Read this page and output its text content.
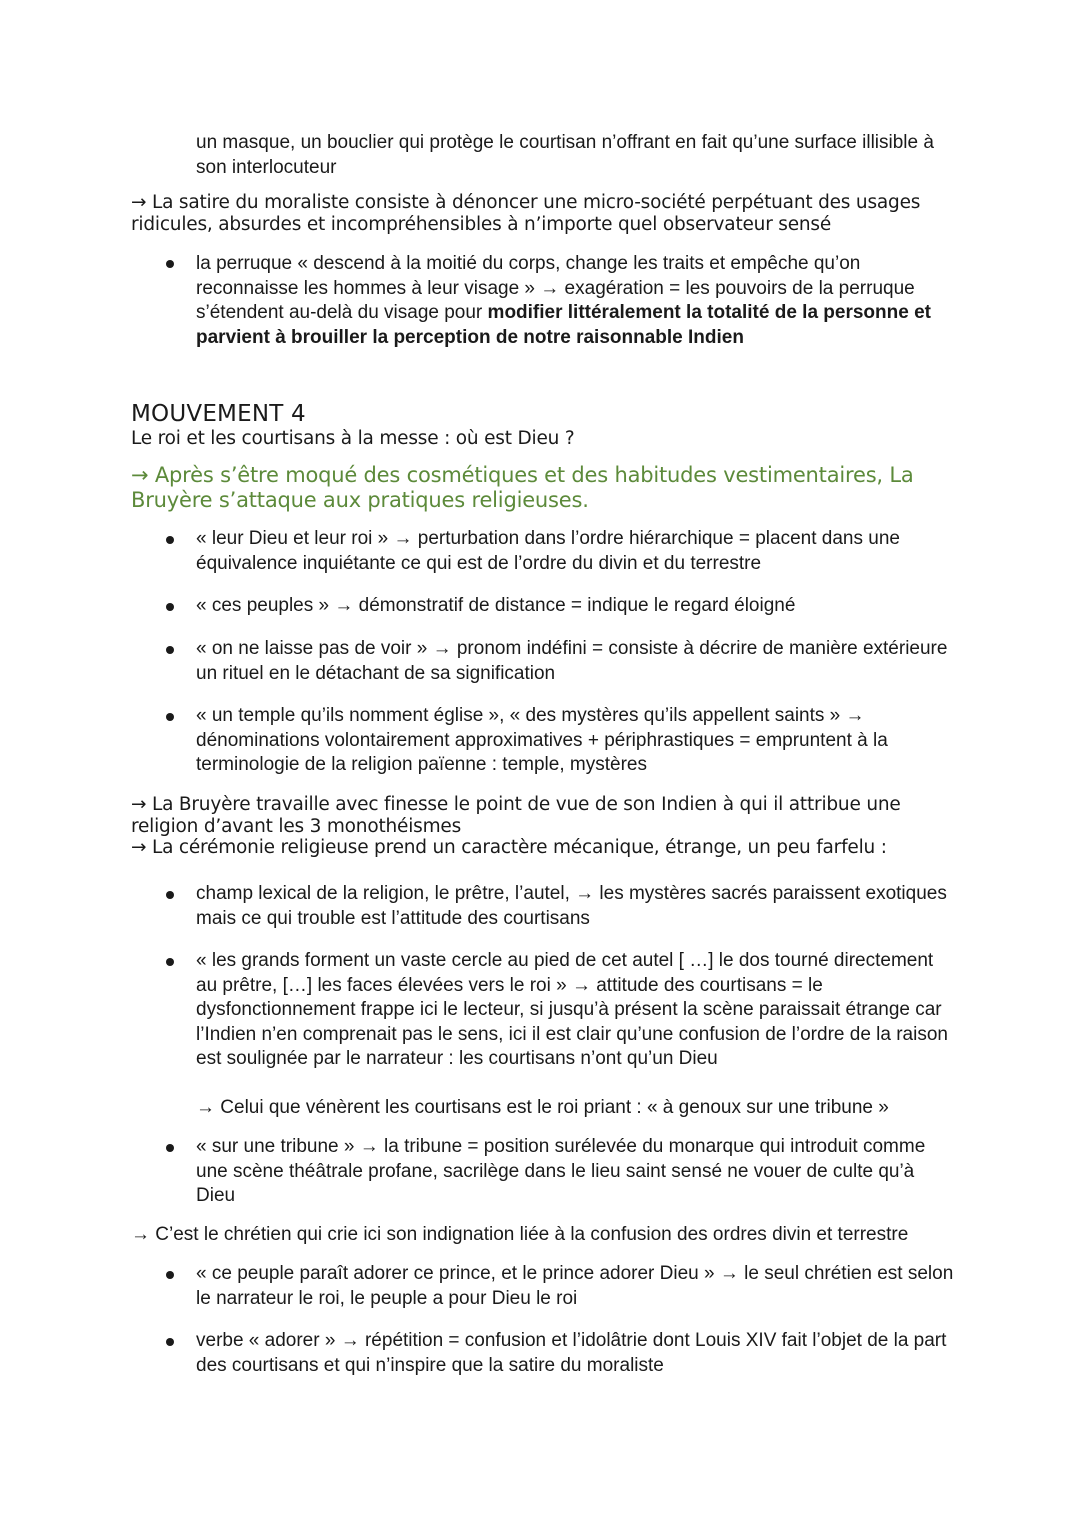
un masque, un bouclier qui protège le courtisan n’offrant en fait qu’une surface illisible à son interlocuteur
→ La satire du moraliste consiste à dénoncer une micro-société perpétuant des usages ridicules, absurdes et incompréhensibles à n’importe quel observateur sensé
la perruque « descend à la moitié du corps, change les traits et empêche qu’on reconnaisse les hommes à leur visage » → exagération = les pouvoirs de la perruque s’étendent au-delà du visage pour modifier littéralement la totalité de la personne et parvient à brouiller la perception de notre raisonnable Indien
MOUVEMENT 4
Le roi et les courtisans à la messe : où est Dieu ?
→ Après s’être moqué des cosmétiques et des habitudes vestimentaires, La Bruyère s’attaque aux pratiques religieuses.
« leur Dieu et leur roi » → perturbation dans l’ordre hiérarchique = placent dans une équivalence inquiétante ce qui est de l’ordre du divin et du terrestre
« ces peuples » → démonstratif de distance = indique le regard éloigné
« on ne laisse pas de voir » → pronom indéfini = consiste à décrire de manière extérieure un rituel en le détachant de sa signification
« un temple qu’ils nomment église », « des mystères qu’ils appellent saints » → dénominations volontairement approximatives + périphrastiques = empruntent à la terminologie de la religion païenne : temple, mystères
→ La Bruyère travaille avec finesse le point de vue de son Indien à qui il attribue une religion d’avant les 3 monothéismes
→ La cérémonie religieuse prend un caractère mécanique, étrange, un peu farfelu :
champ lexical de la religion, le prêtre, l’autel, → les mystères sacrés paraissent exotiques mais ce qui trouble est l’attitude des courtisans
« les grands forment un vaste cercle au pied de cet autel [ …] le dos tourné directement au prêtre, […] les faces élevées vers le roi » → attitude des courtisans = le dysfonctionnement frappe ici le lecteur, si jusqu’à présent la scène paraissait étrange car l’Indien n’en comprenait pas le sens, ici il est clair qu’une confusion de l’ordre de la raison est soulignée par le narrateur : les courtisans n’ont qu’un Dieu
→ Celui que vénèrent les courtisans est le roi priant : « à genoux sur une tribune »
« sur une tribune » → la tribune = position surélevée du monarque qui introduit comme une scène théâtrale profane, sacrilège dans le lieu saint sensé ne vouer de culte qu’à Dieu
→ C’est le chrétien qui crie ici son indignation liée à la confusion des ordres divin et terrestre
« ce peuple paraît adorer ce prince, et le prince adorer Dieu » → le seul chrétien est selon le narrateur le roi, le peuple a pour Dieu le roi
verbe « adorer » → répétition = confusion et l’idolâtrie dont Louis XIV fait l’objet de la part des courtisans et qui n’inspire que la satire du moraliste
